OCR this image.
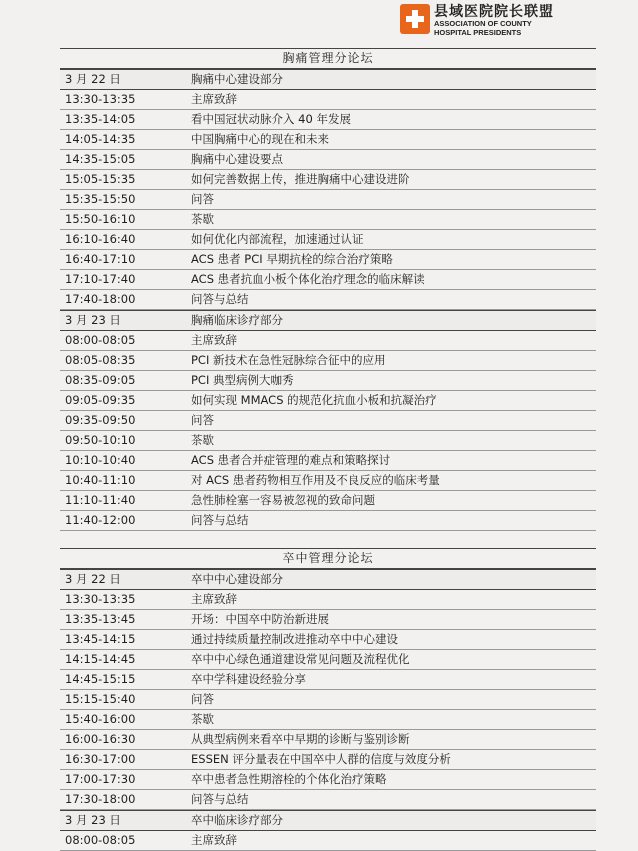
县域医院院长联盟
ASSOCIATION OF COUNTY
HOSPITAL PRESIDENTS
胸痛管理分论坛
3 月 22 日	胸痛中心建设部分
13:30-13:35	主席致辞
13:35-14:05	看中国冠状动脉介入 40 年发展
14:05-14:35	中国胸痛中心的现在和未来
14:35-15:05	胸痛中心建设要点
15:05-15:35	如何完善数据上传，推进胸痛中心建设进阶
15:35-15:50	问答
15:50-16:10	茶歇
16:10-16:40	如何优化内部流程，加速通过认证
16:40-17:10	ACS 患者 PCI 早期抗栓的综合治疗策略
17:10-17:40	ACS 患者抗血小板个体化治疗理念的临床解读
17:40-18:00	问答与总结
3 月 23 日	胸痛临床诊疗部分
08:00-08:05	主席致辞
08:05-08:35	PCI 新技术在急性冠脉综合征中的应用
08:35-09:05	PCI 典型病例大咖秀
09:05-09:35	如何实现 MMACS 的规范化抗血小板和抗凝治疗
09:35-09:50	问答
09:50-10:10	茶歇
10:10-10:40	ACS 患者合并症管理的难点和策略探讨
10:40-11:10	对 ACS 患者药物相互作用及不良反应的临床考量
11:10-11:40	急性肺栓塞一容易被忽视的致命问题
11:40-12:00	问答与总结
卒中管理分论坛
3 月 22 日	卒中中心建设部分
13:30-13:35	主席致辞
13:35-13:45	开场：中国卒中防治新进展
13:45-14:15	通过持续质量控制改进推动卒中中心建设
14:15-14:45	卒中中心绿色通道建设常见问题及流程优化
14:45-15:15	卒中学科建设经验分享
15:15-15:40	问答
15:40-16:00	茶歇
16:00-16:30	从典型病例来看卒中早期的诊断与鉴别诊断
16:30-17:00	ESSEN 评分量表在中国卒中人群的信度与效度分析
17:00-17:30	卒中患者急性期溶栓的个体化治疗策略
17:30-18:00	问答与总结
3 月 23 日	卒中临床诊疗部分
08:00-08:05	主席致辞
